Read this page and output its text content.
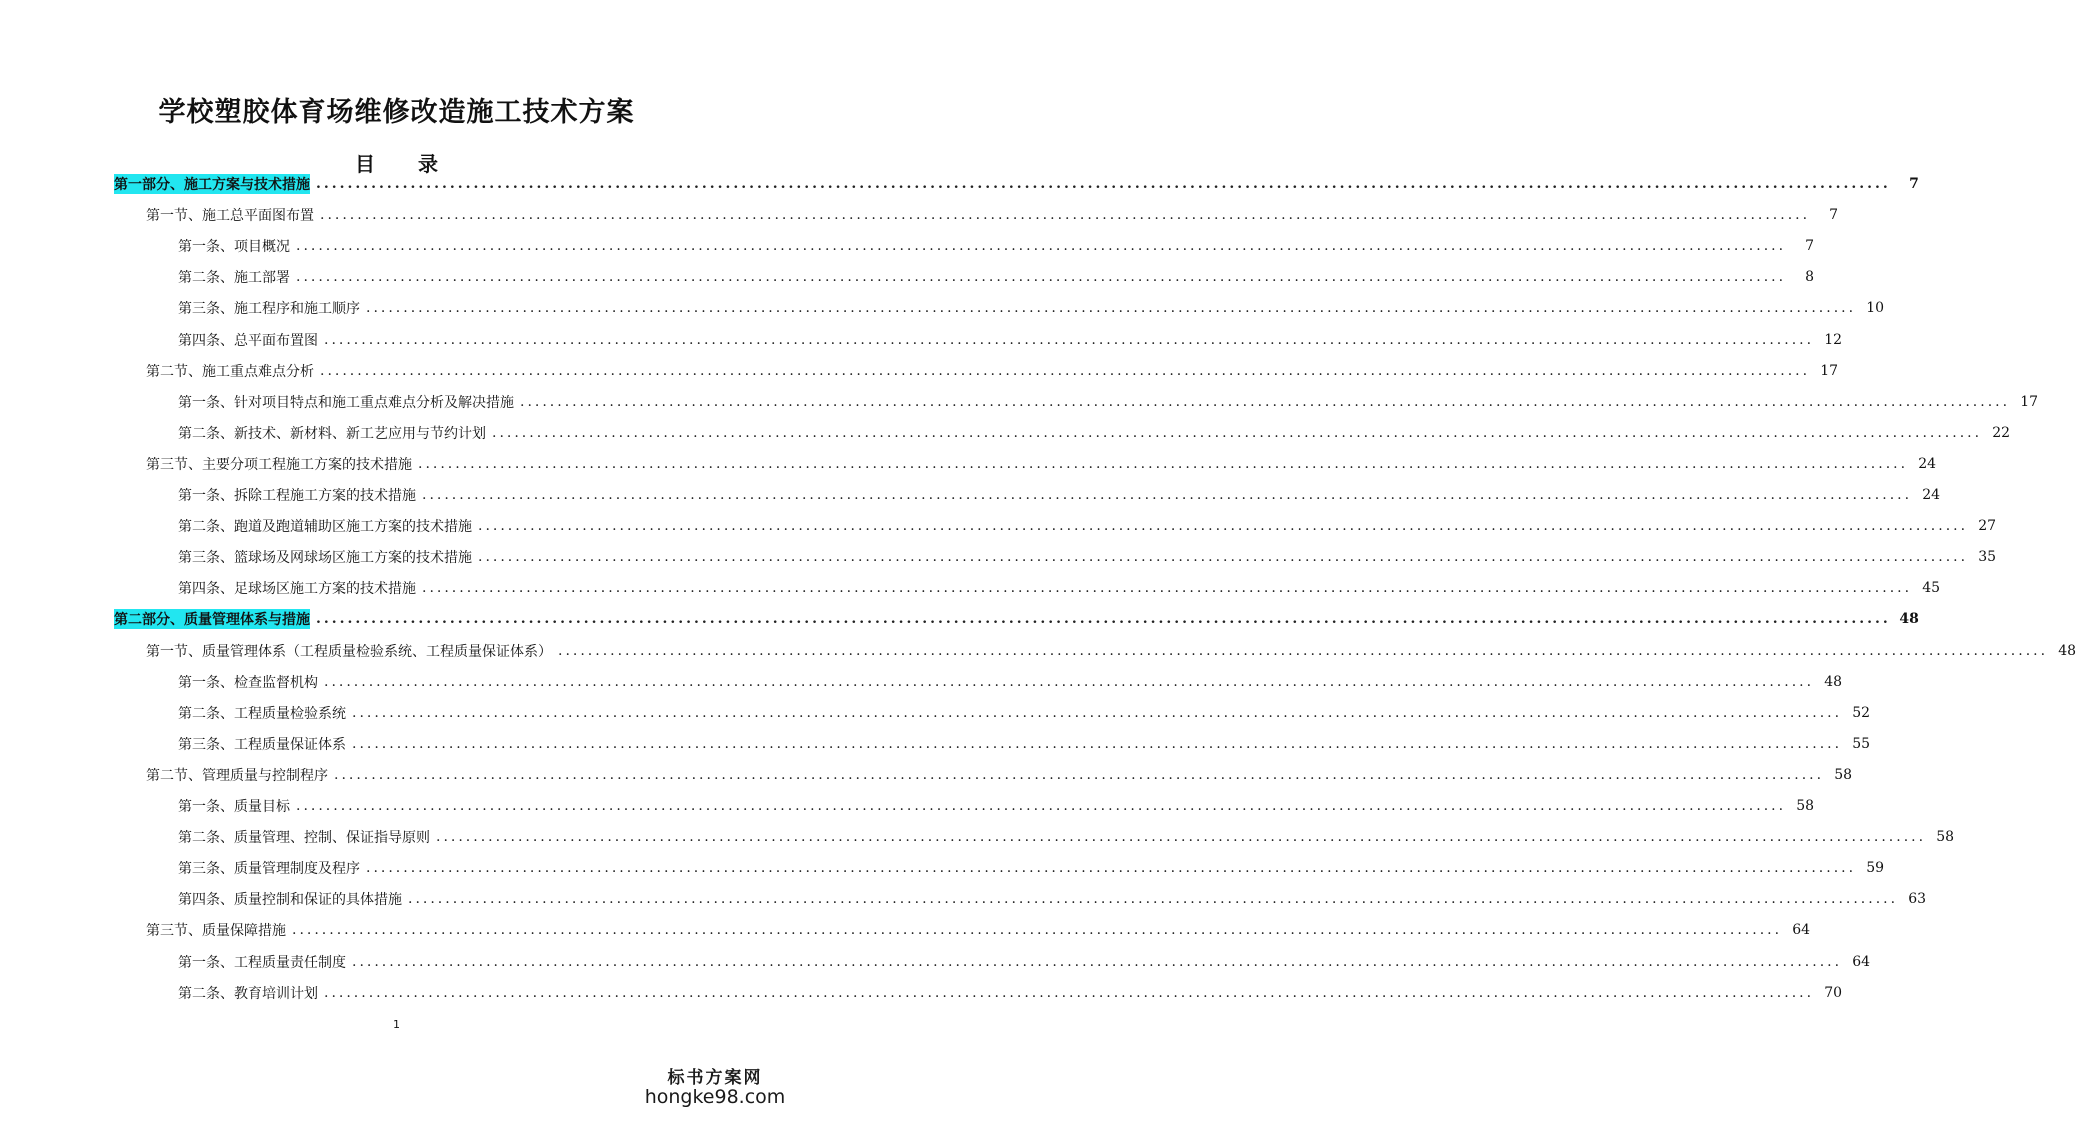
学校塑胶体育场维修改造施工技术方案
目 录
第一部分、施工方案与技术措施 ........................................................................................................................................................................................................	7
第一节、施工总平面图布置 ........................................................................................................................................................................................................	7
第一条、项目概况 ........................................................................................................................................................................................................	7
第二条、施工部署 ........................................................................................................................................................................................................	8
第三条、施工程序和施工顺序 ........................................................................................................................................................................................................ 10
第四条、总平面布置图 ........................................................................................................................................................................................................ 12
第二节、施工重点难点分析 ........................................................................................................................................................................................................ 17
第一条、针对项目特点和施工重点难点分析及解决措施 ........................................................................................................................................................................................................ 17
第二条、新技术、新材料、新工艺应用与节约计划 ........................................................................................................................................................................................................ 22
第三节、主要分项工程施工方案的技术措施 ........................................................................................................................................................................................................ 24
第一条、拆除工程施工方案的技术措施 ........................................................................................................................................................................................................ 24
第二条、跑道及跑道辅助区施工方案的技术措施 ........................................................................................................................................................................................................ 27
第三条、篮球场及网球场区施工方案的技术措施 ........................................................................................................................................................................................................ 35
第四条、足球场区施工方案的技术措施 ........................................................................................................................................................................................................ 45
第二部分、质量管理体系与措施 ........................................................................................................................................................................................................ 48
第一节、质量管理体系（工程质量检验系统、工程质量保证体系） ........................................................................................................................................................................................................ 48
第一条、检查监督机构 ........................................................................................................................................................................................................ 48
第二条、工程质量检验系统 ........................................................................................................................................................................................................ 52
第三条、工程质量保证体系 ........................................................................................................................................................................................................ 55
第二节、管理质量与控制程序 ........................................................................................................................................................................................................ 58
第一条、质量目标 ........................................................................................................................................................................................................ 58
第二条、质量管理、控制、保证指导原则 ........................................................................................................................................................................................................ 58
第三条、质量管理制度及程序 ........................................................................................................................................................................................................ 59
第四条、质量控制和保证的具体措施 ........................................................................................................................................................................................................ 63
第三节、质量保障措施 ........................................................................................................................................................................................................ 64
第一条、工程质量责任制度 ........................................................................................................................................................................................................ 64
第二条、教育培训计划 ........................................................................................................................................................................................................ 70
1
标书方案网
hongke98.com
